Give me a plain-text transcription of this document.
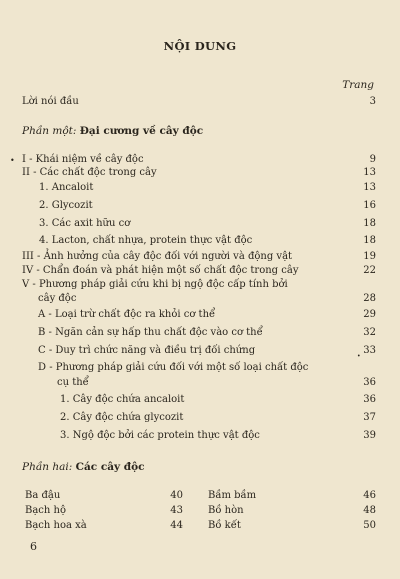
NỘI DUNG
Trang
Lời nói đầu	3
Phần một: Đại cương về cây độc
• I - Khái niệm về cây độc	9
II - Các chất độc trong cây	13
1. Ancaloit	13
2. Glycozit	16
3. Các axit hữu cơ	18
4. Lacton, chất nhựa, protein thực vật độc	18
III - Ảnh hưởng của cây độc đối với người và động vật	19
IV - Chẩn đoán và phát hiện một số chất độc trong cây	22
V - Phương pháp giải cứu khi bị ngộ độc cấp tính bởi
cây độc	28
A - Loại trừ chất độc ra khỏi cơ thể	29
B - Ngăn cản sự hấp thu chất độc vào cơ thể	32
C - Duy trì chức năng và điều trị đối chứng	33
•
D - Phương pháp giải cứu đối với một số loại chất độc
cụ thể	36
1. Cây độc chứa ancaloit	36
2. Cây độc chứa glycozit	37
3. Ngộ độc bởi các protein thực vật độc	39
Phần hai: Các cây độc
Ba đậu	40
Bạch hộ	43
Bạch hoa xà	44
Bầm bầm	46
Bồ hòn	48
Bồ kết	50
6
